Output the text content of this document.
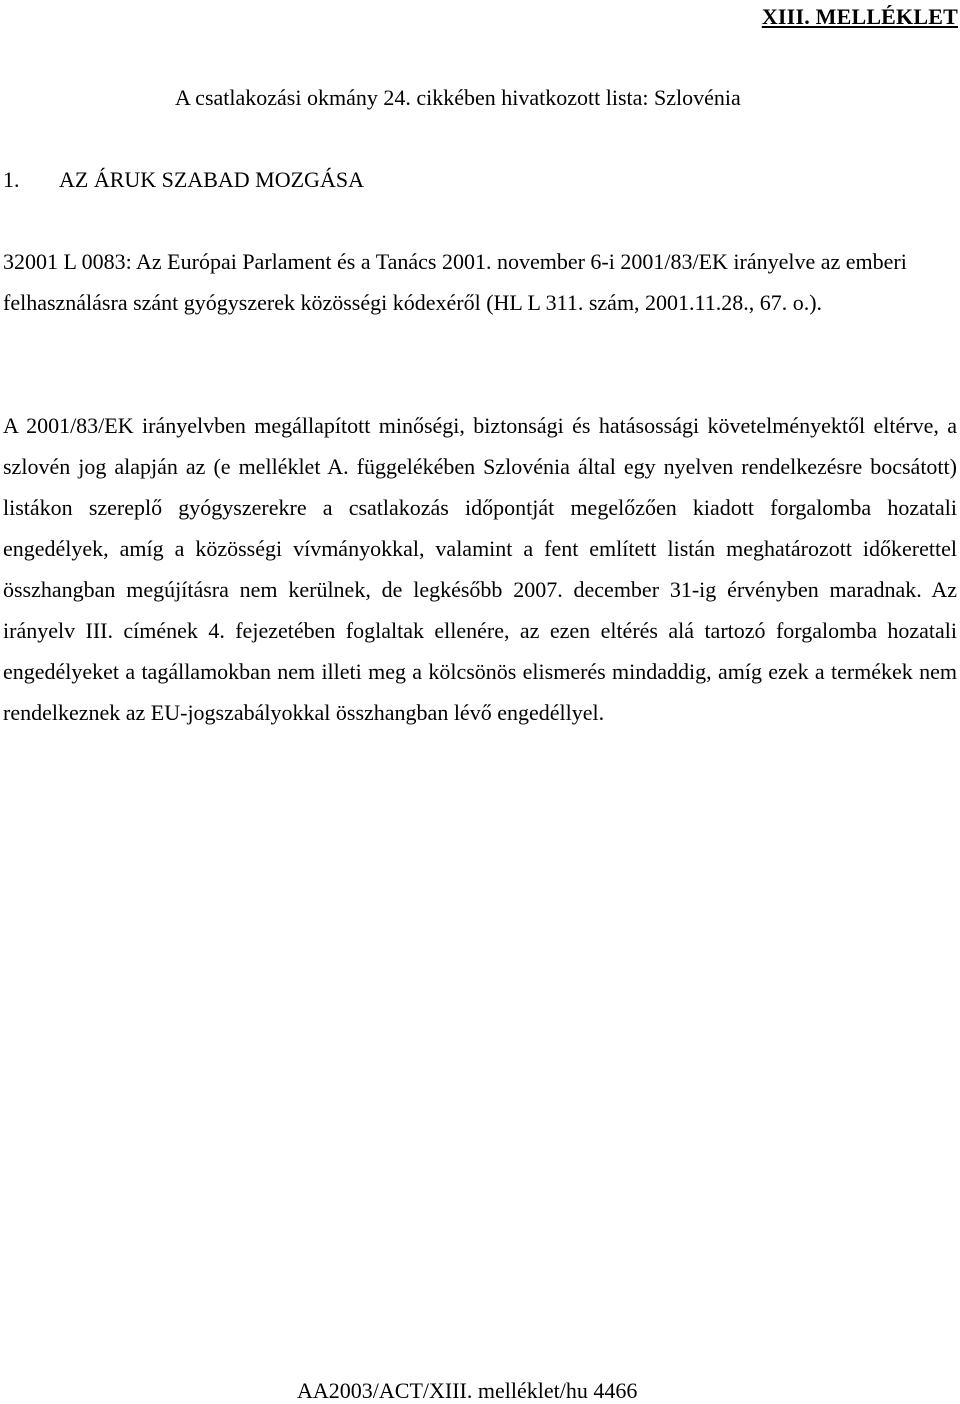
XIII. MELLÉKLET
A csatlakozási okmány 24. cikkében hivatkozott lista: Szlovénia
1. AZ ÁRUK SZABAD MOZGÁSA

32001 L 0083: Az Európai Parlament és a Tanács 2001. november 6-i 2001/83/EK irányelve az emberi felhasználásra szánt gyógyszerek közösségi kódexéről (HL L 311. szám, 2001.11.28., 67. o.).

A 2001/83/EK irányelvben megállapított minőségi, biztonsági és hatásossági követelményektől eltérve, a szlovén jog alapján az (e melléklet A. függelékében Szlovénia által egy nyelven rendelkezésre bocsátott) listákon szereplő gyógyszerekre a csatlakozás időpontját megelőzően kiadott forgalomba hozatali engedélyek, amíg a közösségi vívmányokkal, valamint a fent említett listán meghatározott időkerettel összhangban megújításra nem kerülnek, de legkésőbb 2007. december 31-ig érvényben maradnak. Az irányelv III. címének 4. fejezetében foglaltak ellenére, az ezen eltérés alá tartozó forgalomba hozatali engedélyeket a tagállamokban nem illeti meg a kölcsönös elismerés mindaddig, amíg ezek a termékek nem rendelkeznek az EU-jogszabályokkal összhangban lévő engedéllyel.

AA2003/ACT/XIII. melléklet/hu 4466
